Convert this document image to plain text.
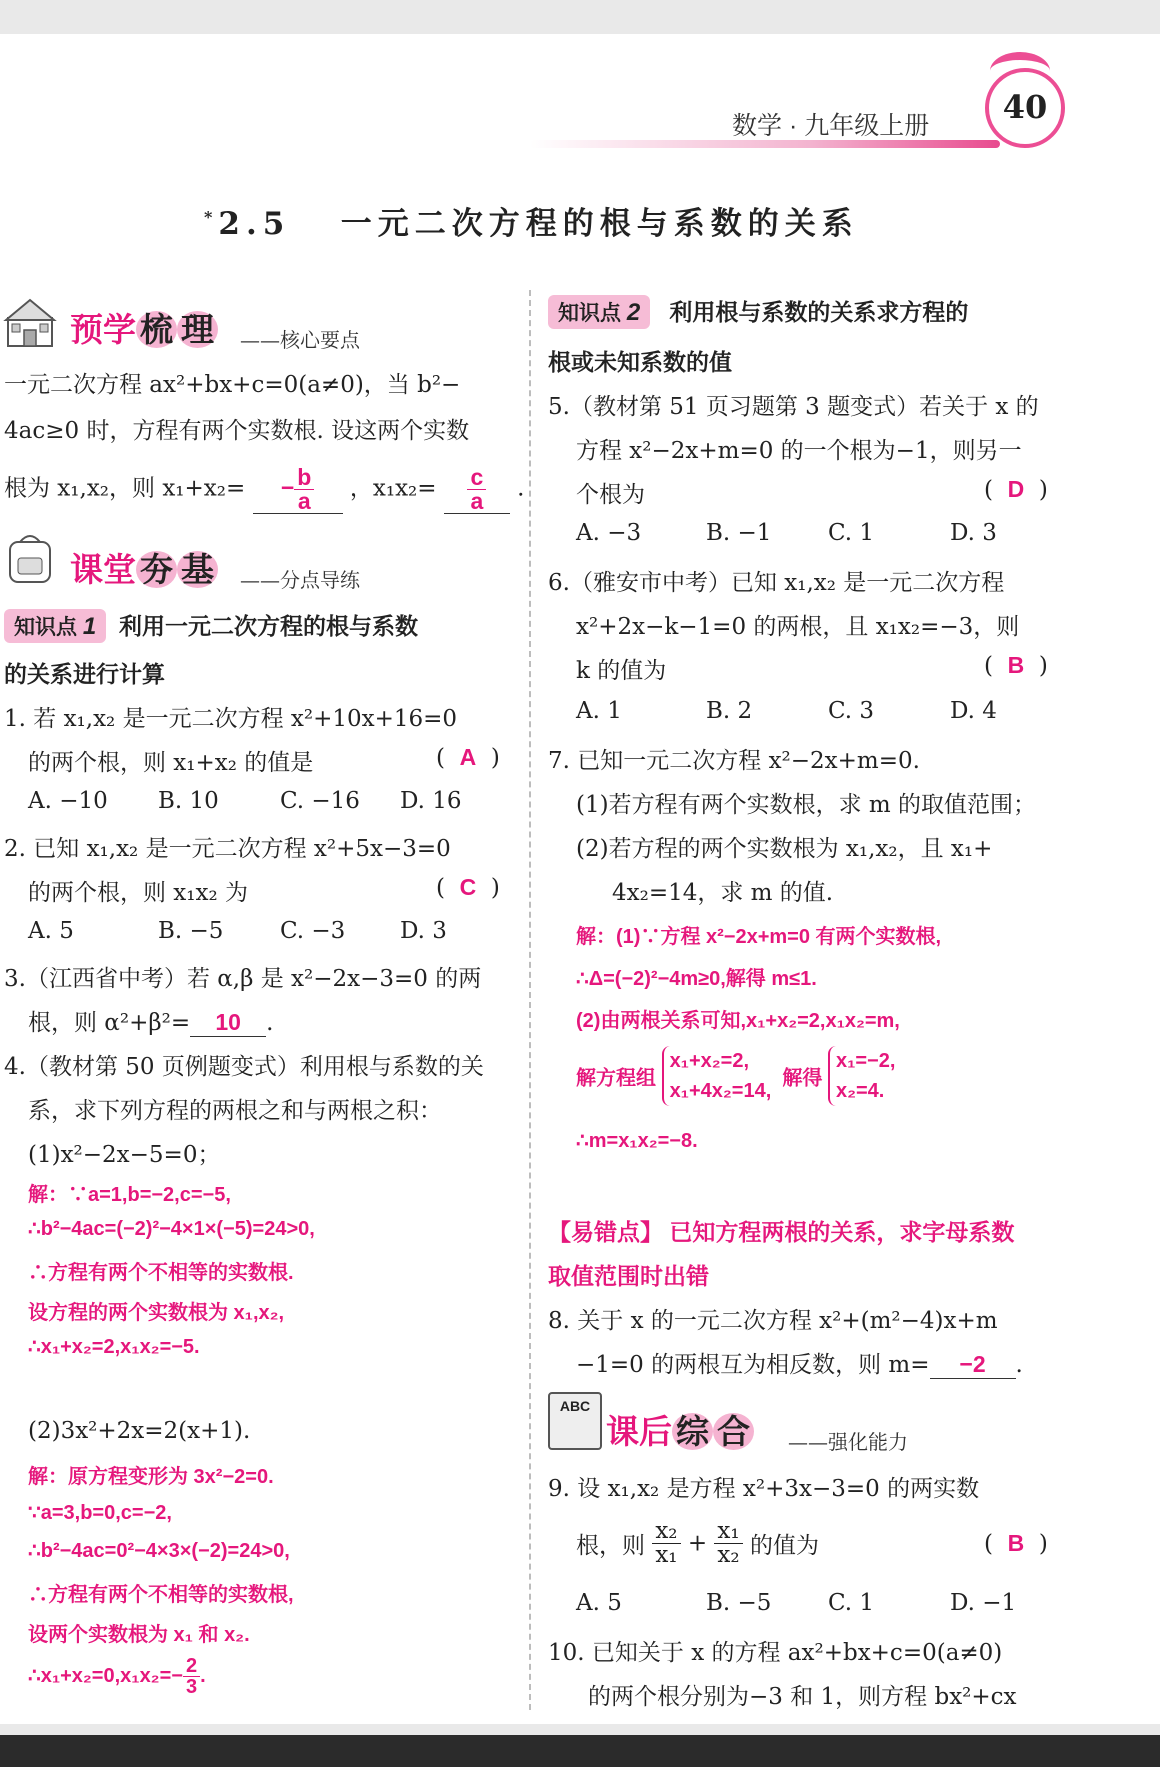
数学 · 九年级上册	40
*2.5 一元二次方程的根与系数的关系
预学 梳 理 ——核心要点
一元二次方程 ax²+bx+c=0(a≠0)，当 b²−
4ac≥0 时，方程有两个实数根. 设这两个实数
根为 x₁,x₂，则 $x_1+x_2= - \frac{b}{a}$ ，$x_1x_2= \frac{c}{a}$ .
课堂 夯 基 ——分点导练
知识点 1 利用一元二次方程的根与系数
的关系进行计算
1. 若 x₁,x₂ 是一元二次方程 x²+10x+16=0
的两个根，则 x₁+x₂ 的值是	(  A  )
A. −10 B. 10	C. −16 D. 16
2. 已知 x₁,x₂ 是一元二次方程 x²+5x−3=0
的两个根，则 x₁x₂ 为	(  C  )
A. 5	B. −5 C. −3 D. 3
3.（江西省中考）若 α,β 是 x²−2x−3=0 的两
根，则 α²+β²= 10 .
4.（教材第 50 页例题变式）利用根与系数的关
系，求下列方程的两根之和与两根之积：
(1)x²−2x−5=0；
解：∵a=1,b=−2,c=−5,
∴b²−4ac=(−2)²−4×1×(−5)=24>0,
∴方程有两个不相等的实数根.
设方程的两个实数根为 x₁,x₂,
∴x₁+x₂=2,x₁x₂=−5.
(2)3x²+2x=2(x+1).
解：原方程变形为 3x²−2=0.
∵a=3,b=0,c=−2,
∴b²−4ac=0²−4×3×(−2)=24>0,
∴方程有两个不相等的实数根,
设两个实数根为 x₁ 和 x₂.
∴x₁+x₂=0,x₁x₂=− $\frac{2}{3}$ .
知识点 2 利用根与系数的关系求方程的
根或未知系数的值
5.（教材第 51 页习题第 3 题变式）若关于 x 的
方程 x²−2x+m=0 的一个根为−1，则另一
个根为	(  D  )
A. −3	B. −1 C. 1	D. 3
6.（雅安市中考）已知 x₁,x₂ 是一元二次方程
x²+2x−k−1=0 的两根，且 x₁x₂=−3，则
k 的值为	(  B  )
A. 1	B. 2	C. 3	D. 4
7. 已知一元二次方程 x²−2x+m=0.
(1)若方程有两个实数根，求 m 的取值范围；
(2)若方程的两个实数根为 x₁,x₂，且 x₁+
4x₂=14，求 m 的值.
解：(1)∵方程 x²−2x+m=0 有两个实数根,
∴Δ=(−2)²−4m≥0,解得 m≤1.
(2)由两根关系可知,x₁+x₂=2,x₁x₂=m,
解方程组
x₁+x₂=2,
x₁+4x₂=14,
解得
x₁=−2,
x₂=4.
∴m=x₁x₂=−8.
【易错点】 已知方程两根的关系，求字母系数
取值范围时出错
8. 关于 x 的一元二次方程 x²+(m²−4)x+m
−1=0 的两根互为相反数，则 m= −2 .
ABC
课后 综 合 ——强化能力
9. 设 x₁,x₂ 是方程 x²+3x−3=0 的两实数
根，则 $\frac{\text{x₂}}{\text{x₁}} + \frac{\text{x₁}}{\text{x₂}}$ 的值为	(  B  )
A. 5	B. −5 C. 1	D. −1
10. 已知关于 x 的方程 ax²+bx+c=0(a≠0)
的两个根分别为−3 和 1，则方程 bx²+cx
